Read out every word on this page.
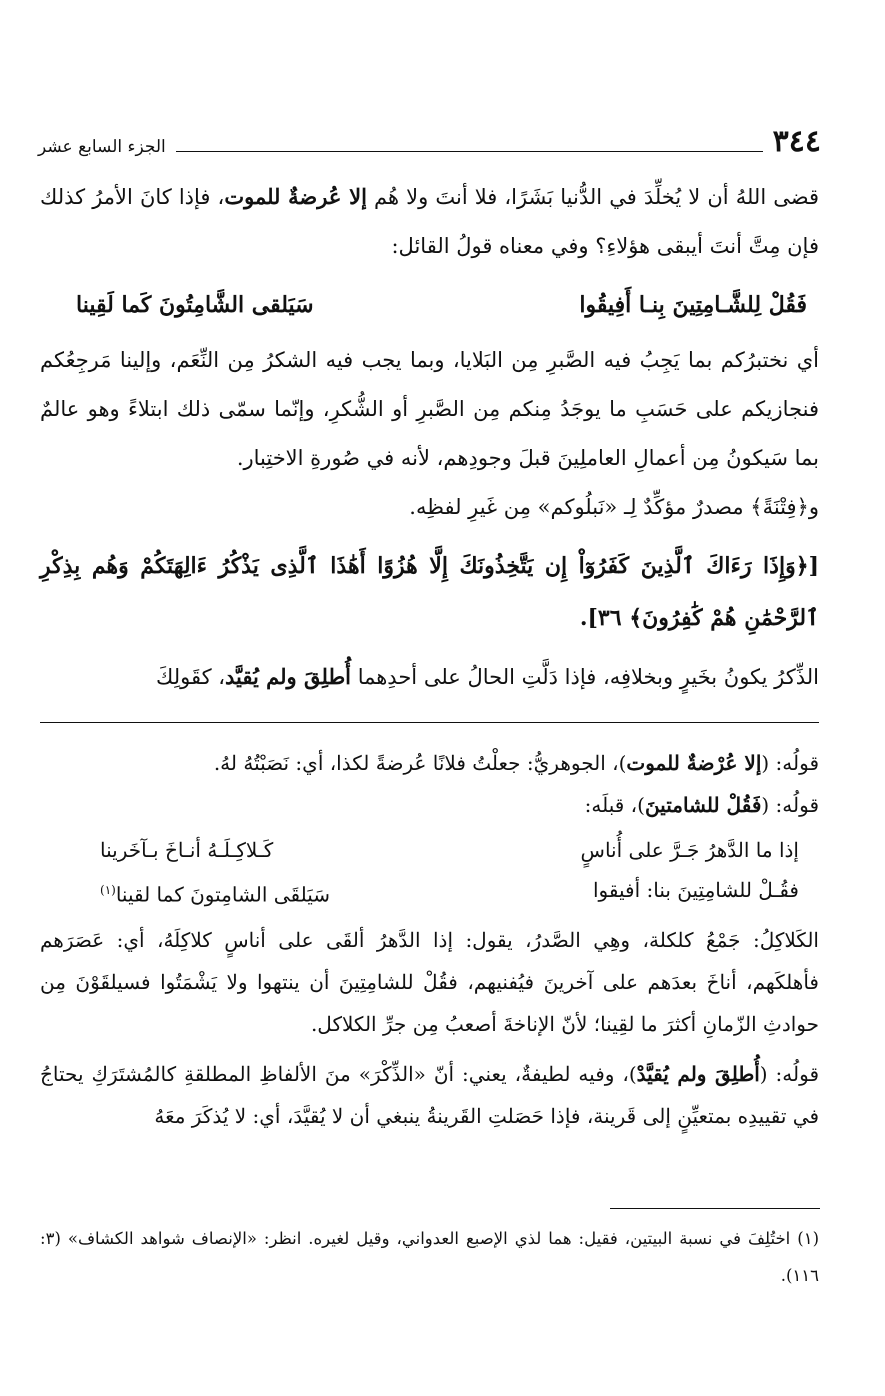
٣٤٤
الجزء السابع عشر

قضى اللهُ أن لا يُخلِّدَ في الدُّنيا بَشَرًا، فلا أنتَ ولا هُم إلا عُرضةٌ للموت، فإذا كانَ الأمرُ كذلك فإن مِتَّ أنتَ أيبقى هؤلاءِ؟ وفي معناه قولُ القائل:

فَقُلْ لِلشَّـامِتِينَ بِنـا أَفِيقُوا
سَيَلقى الشَّامِتُونَ كَما لَقِينا

أي نختبرُكم بما يَجِبُ فيه الصَّبرِ مِن البَلايا، وبما يجب فيه الشكرُ مِن النِّعَم، وإلينا مَرجِعُكم فنجازيكم على حَسَبِ ما يوجَدُ مِنكم مِن الصَّبرِ أو الشُّكرِ، وإنّما سمّى ذلك ابتلاءً وهو عالمٌ بما سَيكونُ مِن أعمالِ العاملِينَ قبلَ وجودِهم، لأنه في صُورةِ الاختِبار.

و﴿فِتْنَةً﴾ مصدرٌ مؤكِّدٌ لِـ «نَبلُوكم» مِن غَيرِ لفظِه.

[﴿وَإِذَا رَءَاكَ ٱلَّذِينَ كَفَرُوٓاْ إِن يَتَّخِذُونَكَ إِلَّا هُزُوًا أَهَٰذَا ٱلَّذِى يَذْكُرُ ءَالِهَتَكُمْ وَهُم بِذِكْرِ ٱلرَّحْمَٰنِ هُمْ كَٰفِرُونَ﴾ ٣٦].

الذِّكرُ يكونُ بخَيرٍ وبخلافِه، فإذا دَلَّتِ الحالُ على أحدِهما أُطلِقَ ولم يُقيَّد، كقَولِكَ

قولُه: (إلا عُرْضةٌ للموت)، الجوهريُّ: جعلْتُ فلانًا عُرضةً لكذا، أي: نَصَبْتُهُ لهُ.

قولُه: (فَقُلْ للشامتينَ)، قبلَه:

إذا ما الدَّهرُ جَـرَّ على أُناسٍ
كَـلاكِـلَـهُ أنـاخَ بـآخَرينا
فقُـلْ للشامِتِينَ بنا: أفيقوا
سَيَلقَى الشامِتونَ كما لقينا$^{(١)}$

الكَلاكِلُ: جَمْعُ كلكلة، وهِي الصَّدرُ، يقول: إذا الدَّهرُ ألقَى على أناسٍ كلاكِلَهُ، أي: عَصَرَهم فأهلكَهم، أناخَ بعدَهم على آخرينَ فيُفنيهم، فقُلْ للشامِتِينَ أن ينتهوا ولا يَشْمَتُوا فسيلقَوْنَ مِن حوادثِ الزّمانِ أكثرَ ما لقِينا؛ لأنّ الإناخةَ أصعبُ مِن جرِّ الكلاكل.

قولُه: (أُطلِقَ ولم يُقيَّدْ)، وفيه لطيفةٌ، يعني: أنّ «الذِّكْرَ» منَ الألفاظِ المطلقةِ كالمُشتَرَكِ يحتاجُ في تقييدِه بمتعيِّنٍ إلى قَرينة، فإذا حَصَلتِ القَرينةُ ينبغي أن لا يُقيَّدَ، أي: لا يُذكَرَ معَهُ

(١) اختُلِفَ في نسبة البيتين، فقيل: هما لذي الإصبع العدواني، وقيل لغيره. انظر: «الإنصاف شواهد الكشاف» (٣: ١١٦).
